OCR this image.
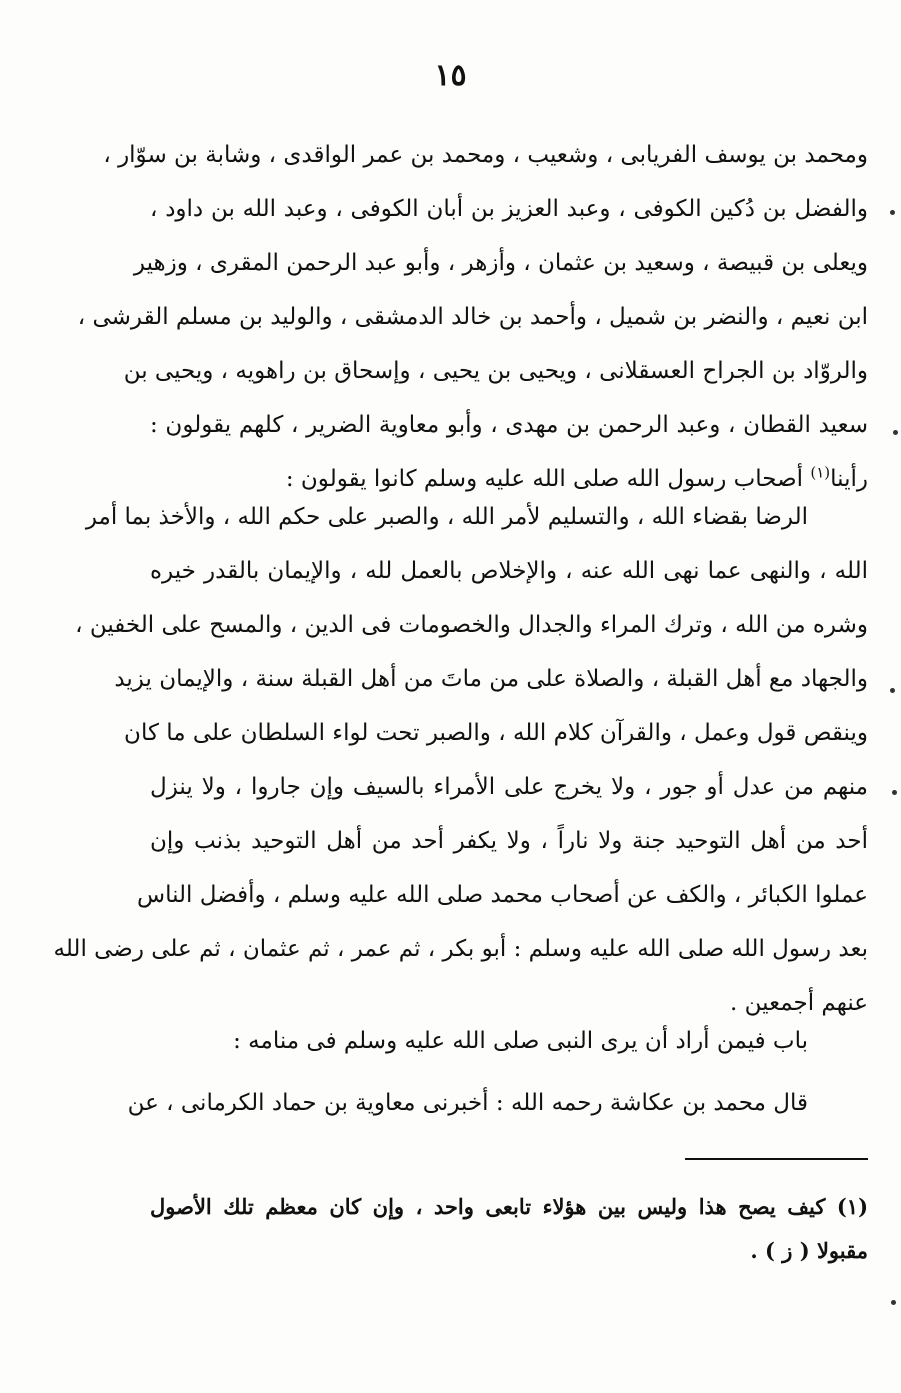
١٥
ومحمد بن يوسف الفريابى ، وشعيب ، ومحمد بن عمر الواقدى ، وشابة بن سوّار ،
والفضل بن دُكين الكوفى ، وعبد العزيز بن أبان الكوفى ، وعبد الله بن داود ،
ويعلى بن قبيصة ، وسعيد بن عثمان ، وأزهر ، وأبو عبد الرحمن المقرى ، وزهير
ابن نعيم ، والنضر بن شميل ، وأحمد بن خالد الدمشقى ، والوليد بن مسلم القرشى ،
والروّاد بن الجراح العسقلانى ، ويحيى بن يحيى ، وإسحاق بن راهويه ، ويحيى بن
سعيد القطان ، وعبد الرحمن بن مهدى ، وأبو معاوية الضرير ، كلهم يقولون :
رأينا$^{(١)}$ أصحاب رسول الله صلى الله عليه وسلم كانوا يقولون :
الرضا بقضاء الله ، والتسليم لأمر الله ، والصبر على حكم الله ، والأخذ بما أمر
الله ، والنهى عما نهى الله عنه ، والإخلاص بالعمل لله ، والإيمان بالقدر خيره
وشره من الله ، وترك المراء والجدال والخصومات فى الدين ، والمسح على الخفين ،
والجهاد مع أهل القبلة ، والصلاة على من ماتَ من أهل القبلة سنة ، والإيمان يزيد
وينقص قول وعمل ، والقرآن كلام الله ، والصبر تحت لواء السلطان على ما كان
منهم من عدل أو جور ، ولا يخرج على الأمراء بالسيف وإن جاروا ، ولا ينزل
أحد من أهل التوحيد جنة ولا ناراً ، ولا يكفر أحد من أهل التوحيد بذنب وإن
عملوا الكبائر ، والكف عن أصحاب محمد صلى الله عليه وسلم ، وأفضل الناس
بعد رسول الله صلى الله عليه وسلم : أبو بكر ، ثم عمر ، ثم عثمان ، ثم على رضى الله
عنهم أجمعين .
باب فيمن أراد أن يرى النبى صلى الله عليه وسلم فى منامه :
قال محمد بن عكاشة رحمه الله : أخبرنى معاوية بن حماد الكرمانى ، عن
(١) كيف يصح هذا وليس بين هؤلاء تابعى واحد ، وإن كان معظم تلك الأصول
مقبولا ( ز ) .
